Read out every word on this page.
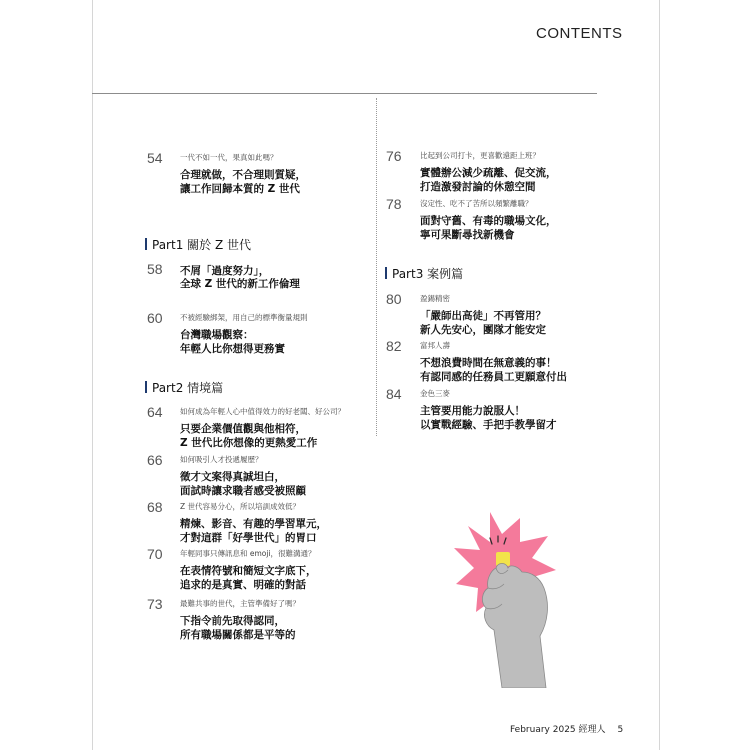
CONTENTS
54 一代不如一代，果真如此嗎？
合理就做，不合理則質疑，
讓工作回歸本質的 Z 世代
Part1 關於 Z 世代
58 不屑「過度努力」，
全球 Z 世代的新工作倫理
60 不被經驗綁架，用自己的標準衡量規則
台灣職場觀察：
年輕人比你想得更務實
Part2 情境篇
64 如何成為年輕人心中值得效力的好老闆、好公司？
只要企業價值觀與他相符，
Z 世代比你想像的更熱愛工作
66 如何吸引人才投遞履歷？
徵才文案得真誠坦白，
面試時讓求職者感受被照顧
68 Z 世代容易分心，所以培訓成效低？
精煉、影音、有趣的學習單元，
才對這群「好學世代」的胃口
70 年輕同事只傳訊息和 emoji，很難溝通？
在表情符號和簡短文字底下，
追求的是真實、明確的對話
73 最難共事的世代，主管準備好了嗎？
下指令前先取得認同，
所有職場關係都是平等的
76 比起到公司打卡，更喜歡遠距上班？
實體辦公減少疏離、促交流，
打造激發討論的休憩空間
78 沒定性、吃不了苦所以頻繁離職？
面對守舊、有毒的職場文化，
寧可果斷尋找新機會
Part3 案例篇
80 盈錫精密
「嚴師出高徒」不再管用？
新人先安心，團隊才能安定
82 富邦人壽
不想浪費時間在無意義的事！
有認同感的任務員工更願意付出
84 金色三麥
主管要用能力說服人！
以實戰經驗、手把手教學留才
February 2025 經理人 5
